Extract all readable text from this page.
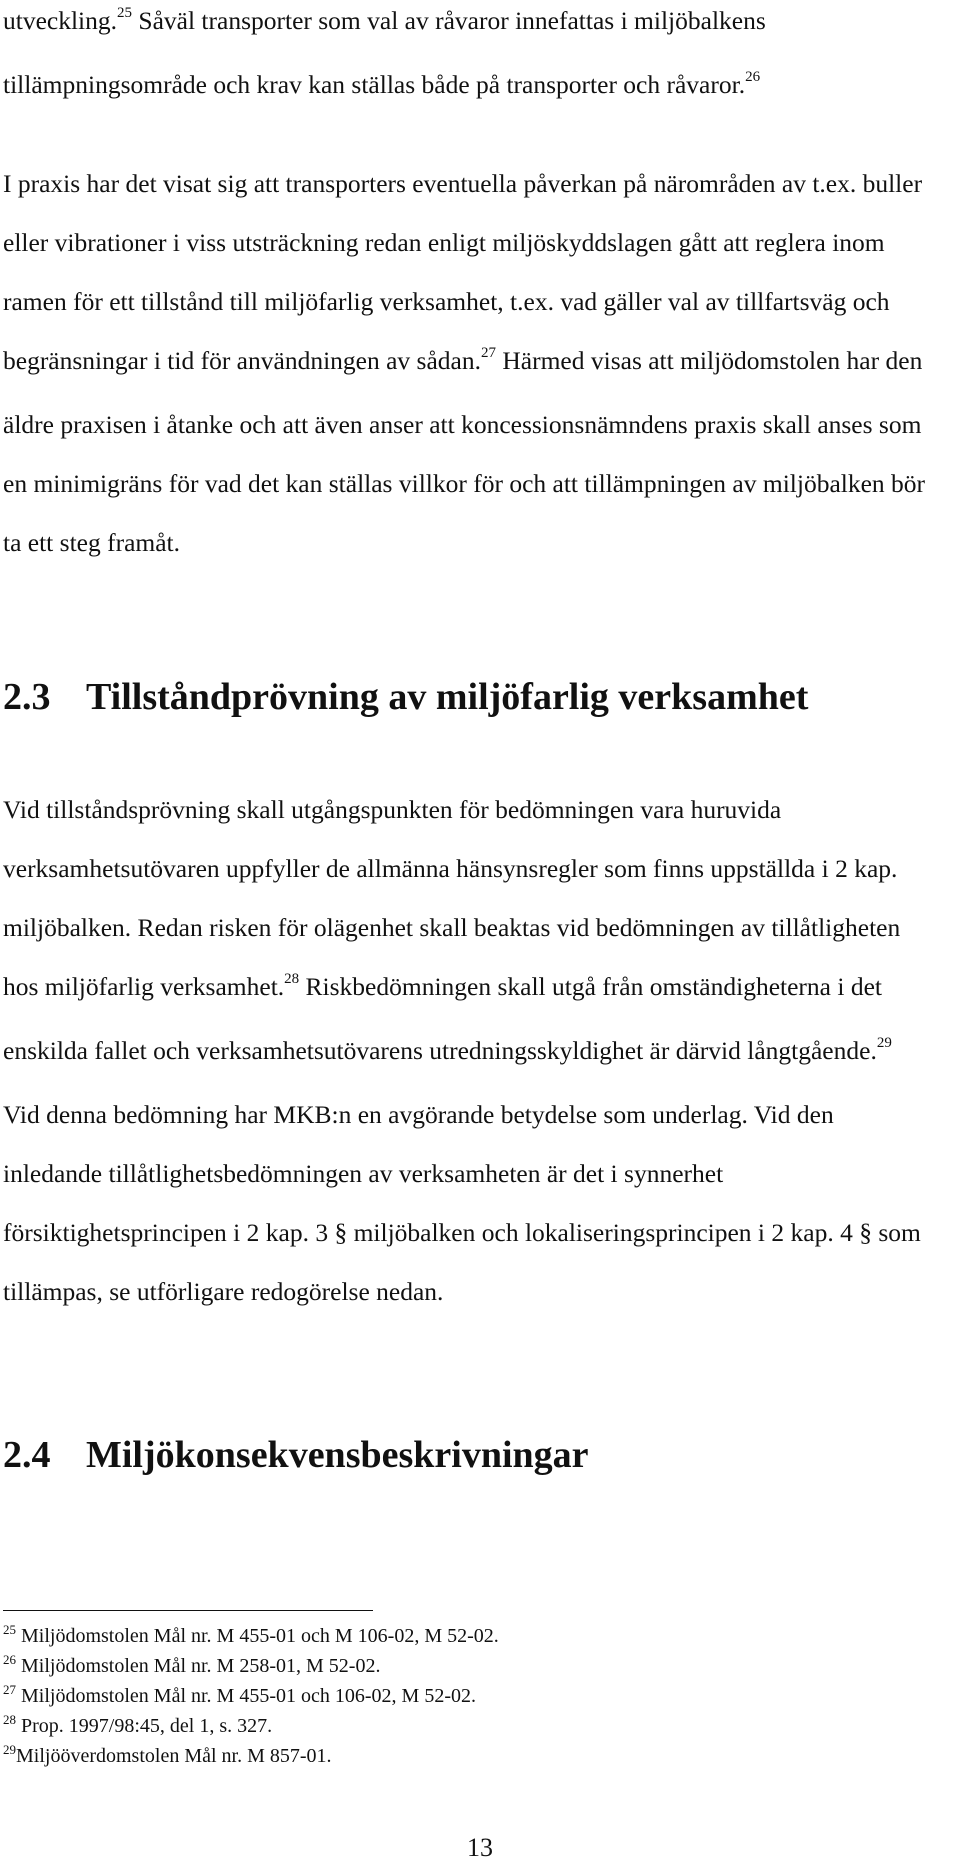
utveckling.$^{25}$ Såväl transporter som val av råvaror innefattas i miljöbalkens tillämpningsområde och krav kan ställas både på transporter och råvaror.$^{26}$

I praxis har det visat sig att transporters eventuella påverkan på närområden av t.ex. buller eller vibrationer i viss utsträckning redan enligt miljöskyddslagen gått att reglera inom ramen för ett tillstånd till miljöfarlig verksamhet, t.ex. vad gäller val av tillfartsväg och begränsningar i tid för användningen av sådan.$^{27}$ Härmed visas att miljödomstolen har den äldre praxisen i åtanke och att även anser att koncessionsnämndens praxis skall anses som en minimigräns för vad det kan ställas villkor för och att tillämpningen av miljöbalken bör ta ett steg framåt.

2.3 Tillståndprövning av miljöfarlig verksamhet

Vid tillståndsprövning skall utgångspunkten för bedömningen vara huruvida verksamhetsutövaren uppfyller de allmänna hänsynsregler som finns uppställda i 2 kap. miljöbalken. Redan risken för olägenhet skall beaktas vid bedömningen av tillåtligheten hos miljöfarlig verksamhet.$^{28}$ Riskbedömningen skall utgå från omständigheterna i det enskilda fallet och verksamhetsutövarens utredningsskyldighet är därvid långtgående.$^{29}$ Vid denna bedömning har MKB:n en avgörande betydelse som underlag. Vid den inledande tillåtlighetsbedömningen av verksamheten är det i synnerhet försiktighetsprincipen i 2 kap. 3 § miljöbalken och lokaliseringsprincipen i 2 kap. 4 § som tillämpas, se utförligare redogörelse nedan.

2.4 Miljökonsekvensbeskrivningar
$^{25}$ Miljödomstolen Mål nr. M 455-01 och M 106-02, M 52-02.
$^{26}$ Miljödomstolen Mål nr. M 258-01, M 52-02.
$^{27}$ Miljödomstolen Mål nr. M 455-01 och 106-02, M 52-02.
$^{28}$ Prop. 1997/98:45, del 1, s. 327.
$^{29}$Miljööverdomstolen Mål nr. M 857-01.
13
